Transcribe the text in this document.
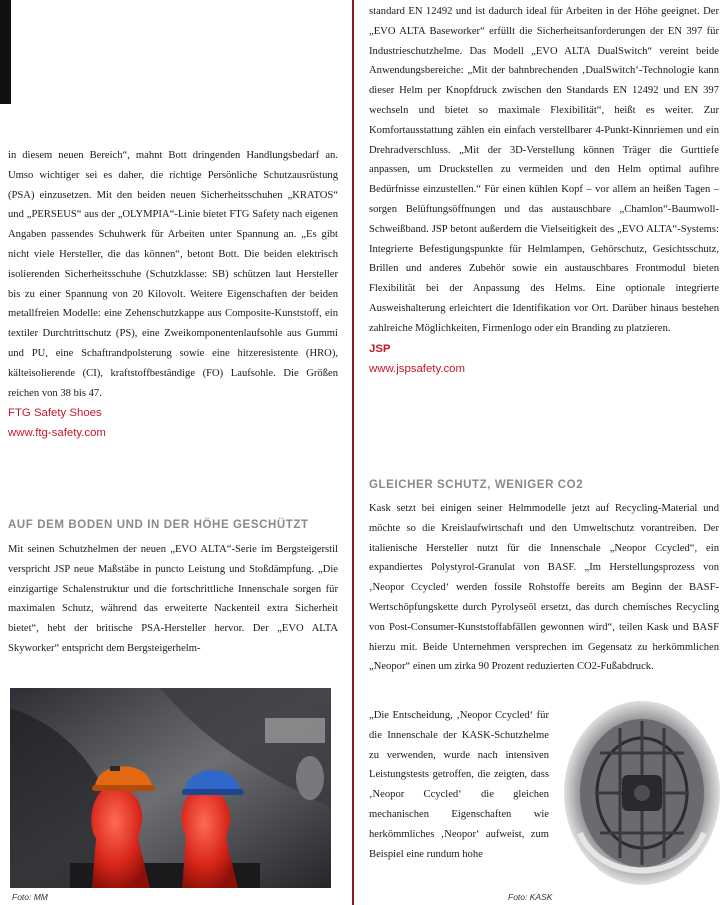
in diesem neuen Bereich“, mahnt Bott dringenden Handlungsbedarf an. Umso wichtiger sei es daher, die richtige Persönliche Schutzausrüstung (PSA) einzusetzen. Mit den beiden neuen Sicherheitsschuhen „KRATOS“ und „PERSEUS“ aus der „OLYMPIA“-Linie bietet FTG Safety nach eigenen Angaben passendes Schuhwerk für Arbeiten unter Spannung an. „Es gibt nicht viele Hersteller, die das können“, betont Bott. Die beiden elektrisch isolierenden Sicherheitsschuhe (Schutzklasse: SB) schützen laut Hersteller bis zu einer Spannung von 20 Kilovolt. Weitere Eigenschaften der beiden metallfreien Modelle: eine Zehenschutzkappe aus Composite-Kunststoff, ein textiler Durchtrittschutz (PS), eine Zweikomponentenlaufsohle aus Gummi und PU, eine Schaftrandpolsterung sowie eine hitzeresistente (HRO), kälteisolierende (CI), kraftstoffbeständige (FO) Laufsohle. Die Größen reichen von 38 bis 47.

FTG Safety Shoes

www.ftg-safety.com

AUF DEM BODEN UND IN DER HÖHE GESCHÜTZT

Mit seinen Schutzhelmen der neuen „EVO ALTA“-Serie im Bergsteigerstil verspricht JSP neue Maßstäbe in puncto Leistung und Stoßdämpfung. „Die einzigartige Schalenstruktur und die fortschrittliche Innenschale sorgen für maximalen Schutz, während das erweiterte Nackenteil extra Sicherheit bietet“, hebt der britische PSA-Hersteller hervor. Der „EVO ALTA Skyworker“ entspricht dem Bergsteigerhelm-

Foto: MM

standard EN 12492 und ist dadurch ideal für Arbeiten in der Höhe geeignet. Der „EVO ALTA Baseworker“ erfüllt die Sicherheitsanforderungen der EN 397 für Industrieschutzhelme. Das Modell „EVO ALTA DualSwitch“ vereint beide Anwendungsbereiche: „Mit der bahnbrechenden ‚DualSwitch‘-Technologie kann dieser Helm per Knopfdruck zwischen den Standards EN 12492 und EN 397 wechseln und bietet so maximale Flexibilität“, heißt es weiter. Zur Komfortausstattung zählen ein einfach verstellbarer 4-Punkt-Kinnriemen und ein Drehradverschluss. „Mit der 3D-Verstellung können Träger die Gurttiefe anpassen, um Druckstellen zu vermeiden und den Helm optimal aufihre Bedürfnisse einzustellen.“ Für einen kühlen Kopf – vor allem an heißen Tagen – sorgen Belüftungsöffnungen und das austauschbare „Chamlon“-Baumwoll-Schweißband. JSP betont außerdem die Vielseitigkeit des „EVO ALTA“-Systems: Integrierte Befestigungspunkte für Helmlampen, Gehörschutz, Gesichtsschutz, Brillen und anderes Zubehör sowie ein austauschbares Frontmodul bieten Flexibilität bei der Anpassung des Helms. Eine optionale integrierte Ausweishalterung erleichtert die Identifikation vor Ort. Darüber hinaus bestehen zahlreiche Möglichkeiten, Firmenlogo oder ein Branding zu platzieren.

JSP

www.jspsafety.com

GLEICHER SCHUTZ, WENIGER CO2

Kask setzt bei einigen seiner Helmmodelle jetzt auf Recycling-Material und möchte so die Kreislaufwirtschaft und den Umweltschutz vorantreiben. Der italienische Hersteller nutzt für die Innenschale „Neopor Ccycled“, ein expandiertes Polystyrol-Granulat von BASF. „Im Herstellungsprozess von ‚Neopor Ccycled‘ werden fossile Rohstoffe bereits am Beginn der BASF-Wertschöpfungskette durch Pyrolyseöl ersetzt, das durch chemisches Recycling von Post-Consumer-Kunststoffabfällen gewonnen wird“, teilen Kask und BASF hierzu mit. Beide Unternehmen versprechen im Gegensatz zu herkömmlichen „Neopor“ einen um zirka 90 Prozent reduzierten CO2-Fußabdruck.

„Die Entscheidung, ‚Neopor Ccycled‘ für die Innenschale der KASK-Schutzhelme zu verwenden, wurde nach intensiven Leistungstests getroffen, die zeigten, dass ‚Neopor Ccycled‘ die gleichen mechanischen Eigenschaften wie herkömmliches ‚Neopor‘ aufweist, zum Beispiel eine rundum hohe

Foto: KASK
